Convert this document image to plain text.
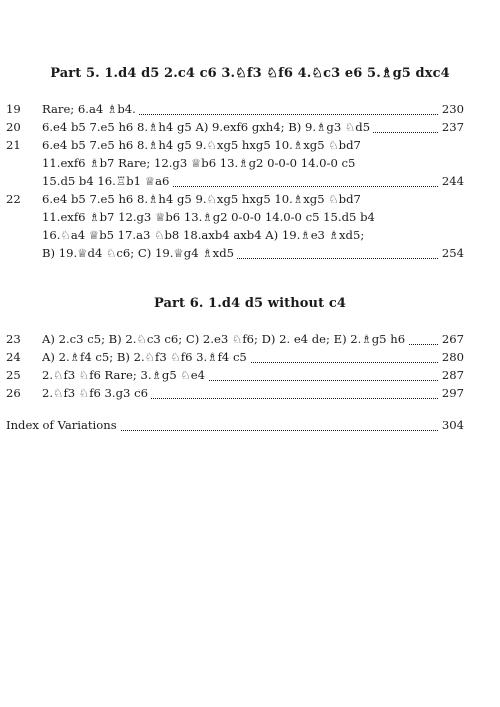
Part 5. 1.d4 d5 2.c4 c6 3.♘f3 ♘f6 4.♘c3 e6 5.♗g5 dxc4
19	Rare; 6.a4 ♗b4.	230
20	6.e4 b5 7.e5 h6 8.♗h4 g5 A) 9.exf6 gxh4; B) 9.♗g3 ♘d5	237
21	6.e4 b5 7.e5 h6 8.♗h4 g5 9.♘xg5 hxg5 10.♗xg5 ♘bd7
11.exf6 ♗b7 Rare; 12.g3 ♕b6 13.♗g2 0-0-0 14.0-0 c5
15.d5 b4 16.♖b1 ♕a6	244
22	6.e4 b5 7.e5 h6 8.♗h4 g5 9.♘xg5 hxg5 10.♗xg5 ♘bd7
11.exf6 ♗b7 12.g3 ♕b6 13.♗g2 0-0-0 14.0-0 c5 15.d5 b4
16.♘a4 ♕b5 17.a3 ♘b8 18.axb4 axb4 A) 19.♗e3 ♗xd5;
B) 19.♕d4 ♘c6; C) 19.♕g4 ♗xd5	254
Part 6. 1.d4 d5 without c4
23	A) 2.c3 c5; B) 2.♘c3 c6; C) 2.e3 ♘f6; D) 2. e4 de; E) 2.♗g5 h6	267
24	A) 2.♗f4 c5; B) 2.♘f3 ♘f6 3.♗f4 c5	280
25	2.♘f3 ♘f6 Rare; 3.♗g5 ♘e4	287
26	2.♘f3 ♘f6 3.g3 c6	297
Index of Variations	304
